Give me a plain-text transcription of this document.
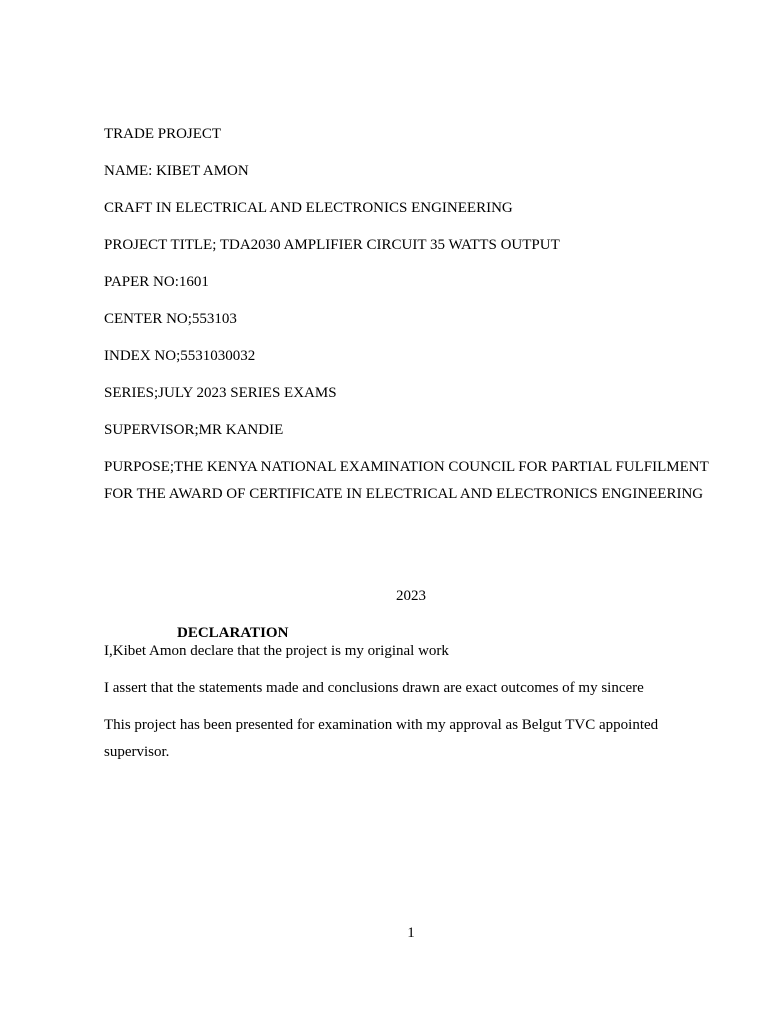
TRADE PROJECT

NAME: KIBET AMON

CRAFT IN ELECTRICAL AND ELECTRONICS ENGINEERING

PROJECT TITLE; TDA2030 AMPLIFIER CIRCUIT 35 WATTS OUTPUT

PAPER NO:1601

CENTER NO;553103

INDEX NO;5531030032

SERIES;JULY 2023 SERIES EXAMS

SUPERVISOR;MR KANDIE

PURPOSE;THE KENYA NATIONAL EXAMINATION COUNCIL FOR PARTIAL FULFILMENT FOR THE AWARD OF CERTIFICATE IN ELECTRICAL AND ELECTRONICS ENGINEERING

2023

DECLARATION

I,Kibet Amon declare that the project is my original work

I assert that the statements made and conclusions drawn are exact outcomes of my sincere

This project has been presented for examination with my approval as Belgut TVC appointed supervisor.

1
